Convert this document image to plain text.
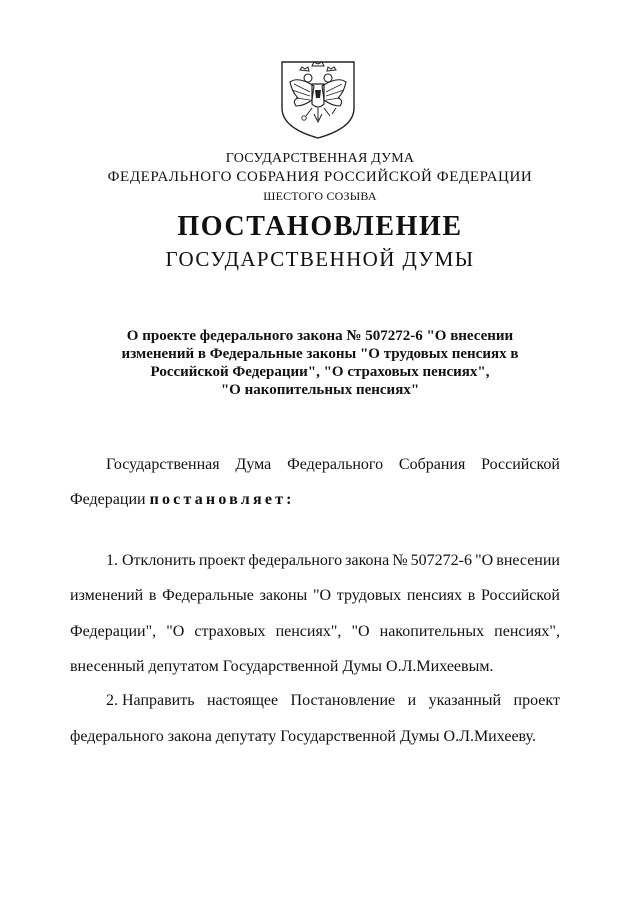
ГОСУДАРСТВЕННАЯ ДУМА
ФЕДЕРАЛЬНОГО СОБРАНИЯ РОССИЙСКОЙ ФЕДЕРАЦИИ
ШЕСТОГО СОЗЫВА
ПОСТАНОВЛЕНИЕ
ГОСУДАРСТВЕННОЙ ДУМЫ
О проекте федерального закона № 507272-6 "О внесении
изменений в Федеральные законы "О трудовых пенсиях в
Российской Федерации", "О страховых пенсиях",
"О накопительных пенсиях"
Государственная Дума Федерального Собрания Российской
Федерации постановляет:
1. Отклонить проект федерального закона № 507272-6 "О внесении
изменений в Федеральные законы "О трудовых пенсиях в Российской
Федерации", "О страховых пенсиях", "О накопительных пенсиях",
внесенный депутатом Государственной Думы О.Л.Михеевым.
2. Направить настоящее Постановление и указанный проект
федерального закона депутату Государственной Думы О.Л.Михееву.
